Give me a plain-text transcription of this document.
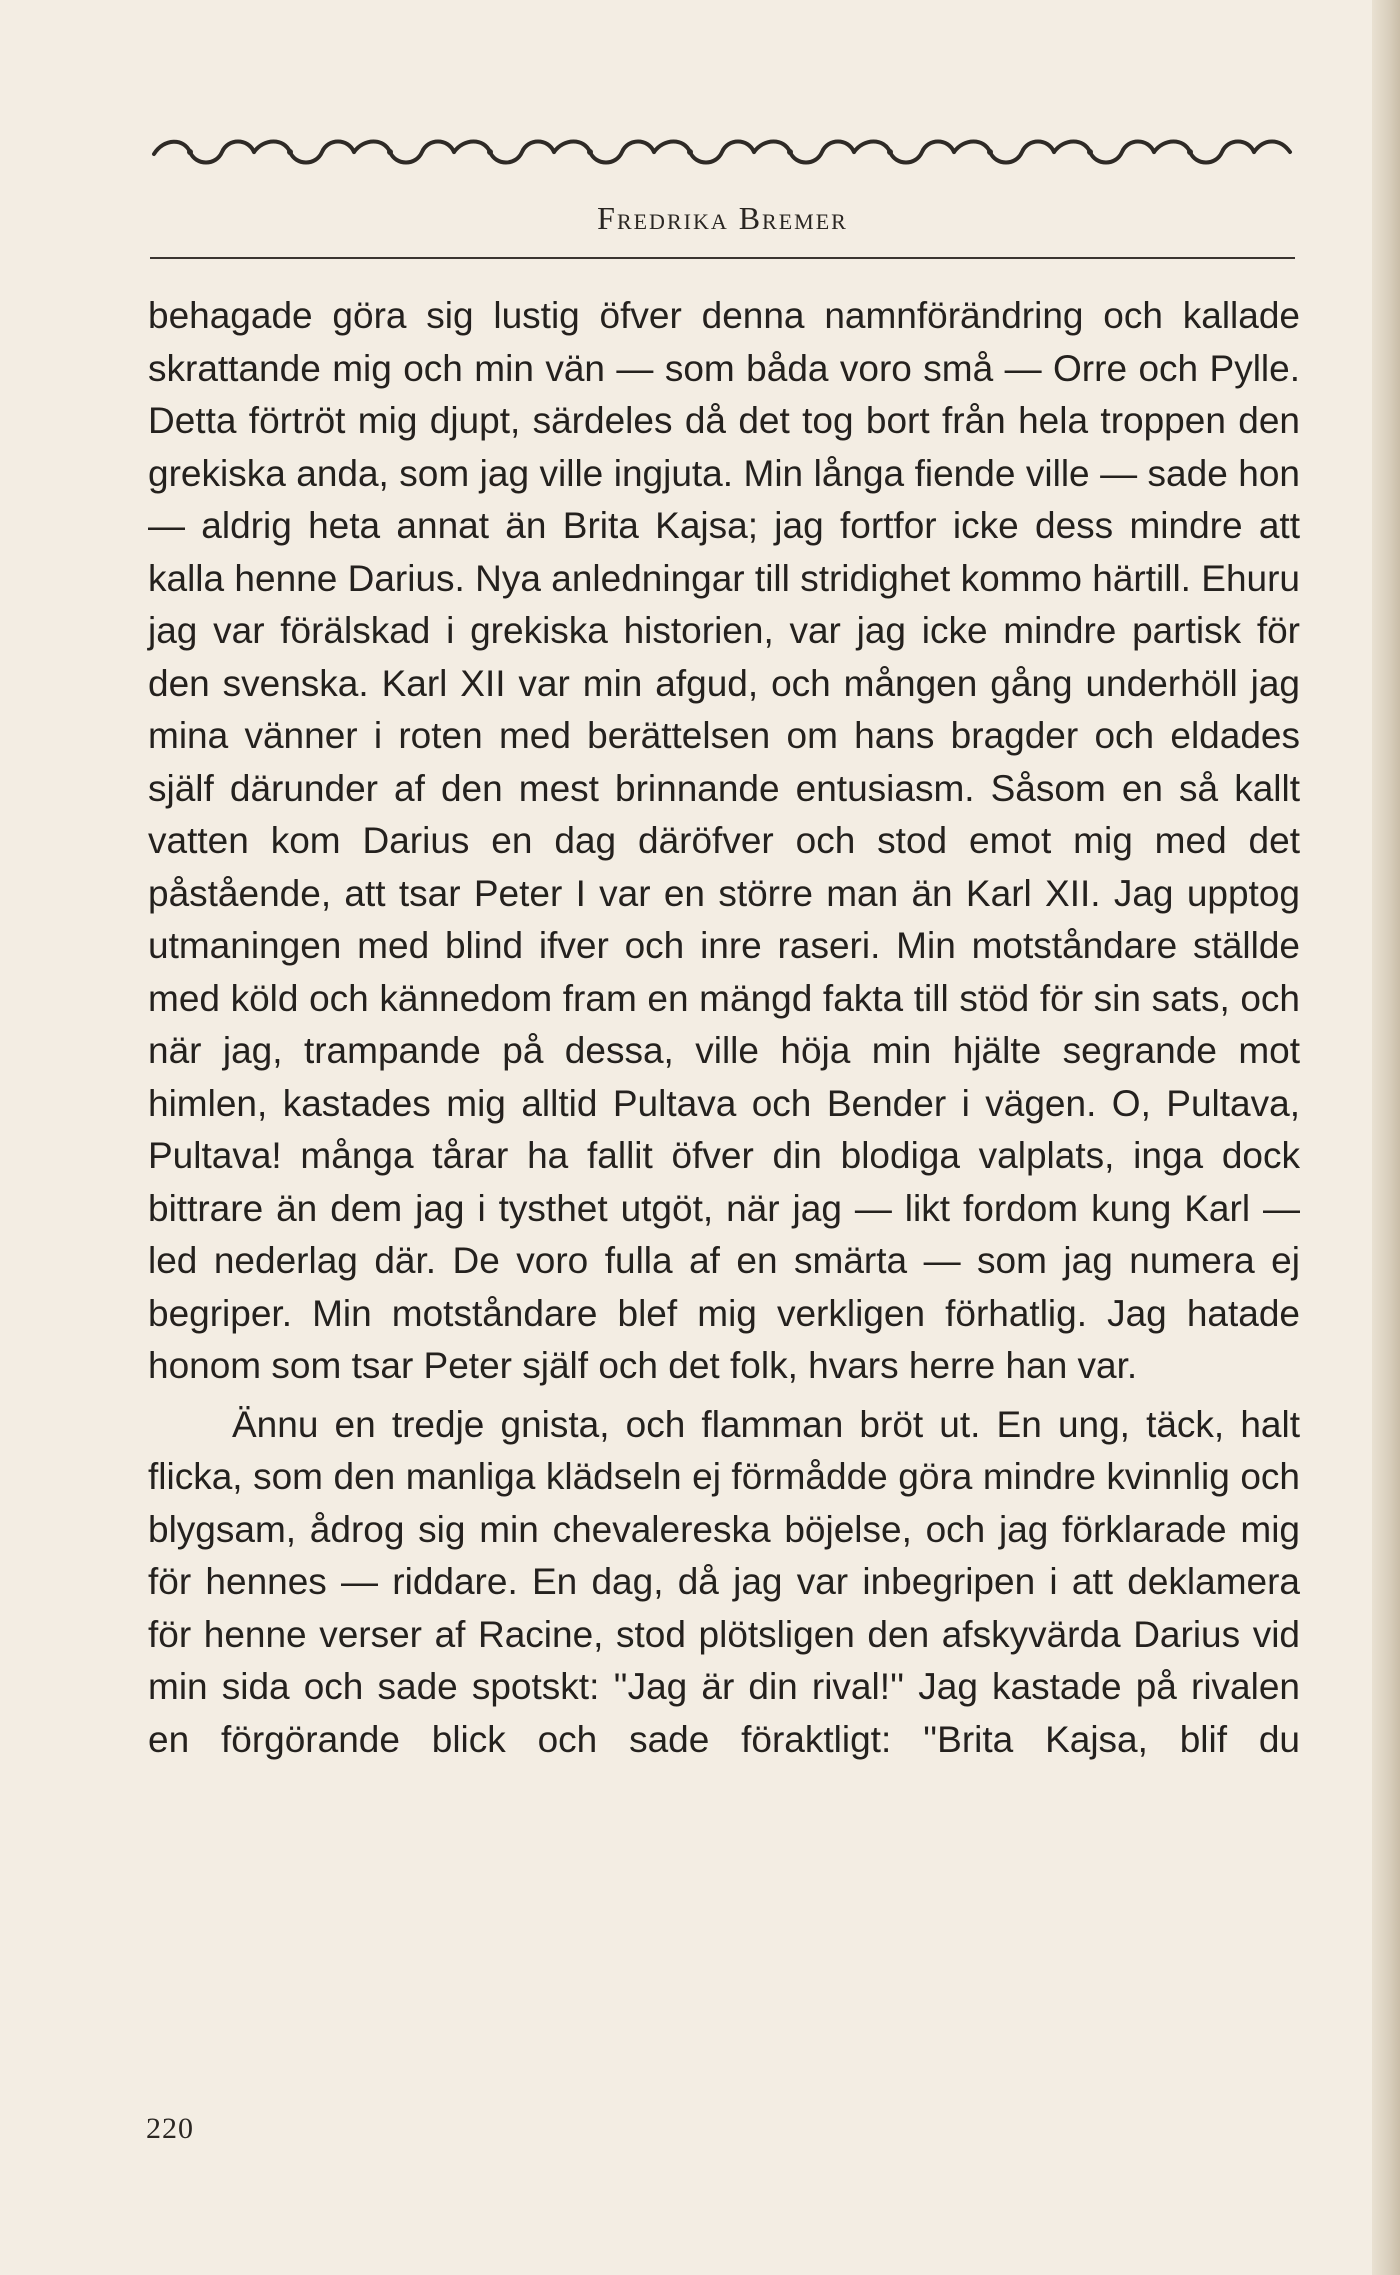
Fredrika Bremer

behagade göra sig lustig öfver denna namnförändring och kallade skrattande mig och min vän — som båda voro små — Orre och Pylle. Detta förtröt mig djupt, särdeles då det tog bort från hela troppen den grekiska anda, som jag ville ingjuta. Min långa fiende ville — sade hon — aldrig heta annat än Brita Kajsa; jag fortfor icke dess mindre att kalla henne Darius. Nya anledningar till stridighet kommo härtill. Ehuru jag var förälskad i grekiska historien, var jag icke mindre partisk för den svenska. Karl XII var min afgud, och mången gång underhöll jag mina vänner i roten med berättelsen om hans bragder och eldades själf därunder af den mest brinnande entusiasm. Såsom en så kallt vatten kom Darius en dag däröfver och stod emot mig med det påstående, att tsar Peter I var en större man än Karl XII. Jag upptog utmaningen med blind ifver och inre raseri. Min motståndare ställde med köld och kännedom fram en mängd fakta till stöd för sin sats, och när jag, trampande på dessa, ville höja min hjälte segrande mot himlen, kastades mig alltid Pultava och Bender i vägen. O, Pultava, Pultava! många tårar ha fallit öfver din blodiga valplats, inga dock bittrare än dem jag i tysthet utgöt, när jag — likt fordom kung Karl — led nederlag där. De voro fulla af en smärta — som jag numera ej begriper. Min motståndare blef mig verkligen förhatlig. Jag hatade honom som tsar Peter själf och det folk, hvars herre han var.

Ännu en tredje gnista, och flamman bröt ut. En ung, täck, halt flicka, som den manliga klädseln ej förmådde göra mindre kvinnlig och blygsam, ådrog sig min chevalereska böjelse, och jag förklarade mig för hennes — riddare. En dag, då jag var inbegripen i att deklamera för henne verser af Racine, stod plötsligen den afskyvärda Darius vid min sida och sade spotskt: ''Jag är din rival!'' Jag kastade på rivalen en förgörande blick och sade föraktligt: ''Brita Kajsa, blif du

220
